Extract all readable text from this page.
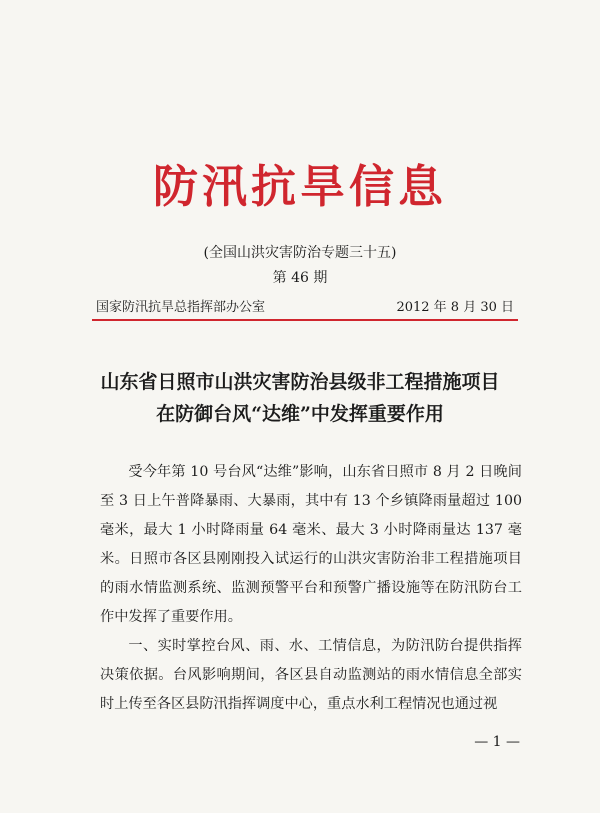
防汛抗旱信息
(全国山洪灾害防治专题三十五)
第 46 期
国家防汛抗旱总指挥部办公室	2012 年 8 月 30 日
山东省日照市山洪灾害防治县级非工程措施项目
在防御台风“达维”中发挥重要作用

受今年第 10 号台风“达维”影响，山东省日照市 8 月 2 日晚间至 3 日上午普降暴雨、大暴雨，其中有 13 个乡镇降雨量超过 100 毫米，最大 1 小时降雨量 64 毫米、最大 3 小时降雨量达 137 毫米。日照市各区县刚刚投入试运行的山洪灾害防治非工程措施项目的雨水情监测系统、监测预警平台和预警广播设施等在防汛防台工作中发挥了重要作用。

一、实时掌控台风、雨、水、工情信息，为防汛防台提供指挥决策依据。台风影响期间，各区县自动监测站的雨水情信息全部实时上传至各区县防汛指挥调度中心，重点水利工程情况也通过视

— 1 —
